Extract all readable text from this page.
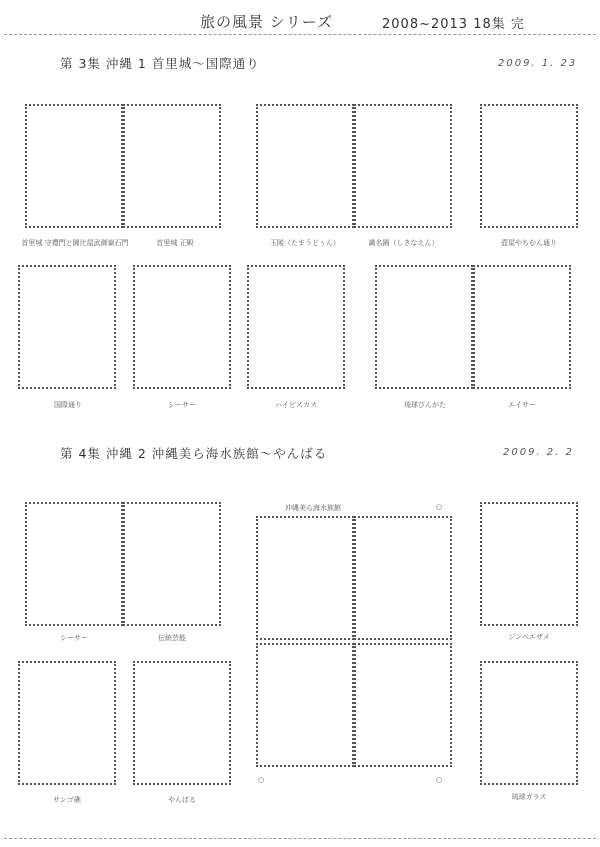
旅の風景 シリーズ	2008~2013 18集 完
第 3集 沖縄 1 首里城～国際通り	2009. 1. 23
首里城 守禮門と園比屋武御嶽石門	首里城 正殿	玉陵（たまうどぅん）	識名園（しきなえん）	壺屋やちむん通り
国際通り	シーサー	ハイビスカス	琉球びんがた	エイサー
第 4集 沖縄 2 沖縄美ら海水族館～やんばる	2009. 2. 2
シーサー	伝統芸能
沖縄美ら海水族館	○
○	○
ジンベエザメ
サンゴ礁	やんばる	琉球ガラス
